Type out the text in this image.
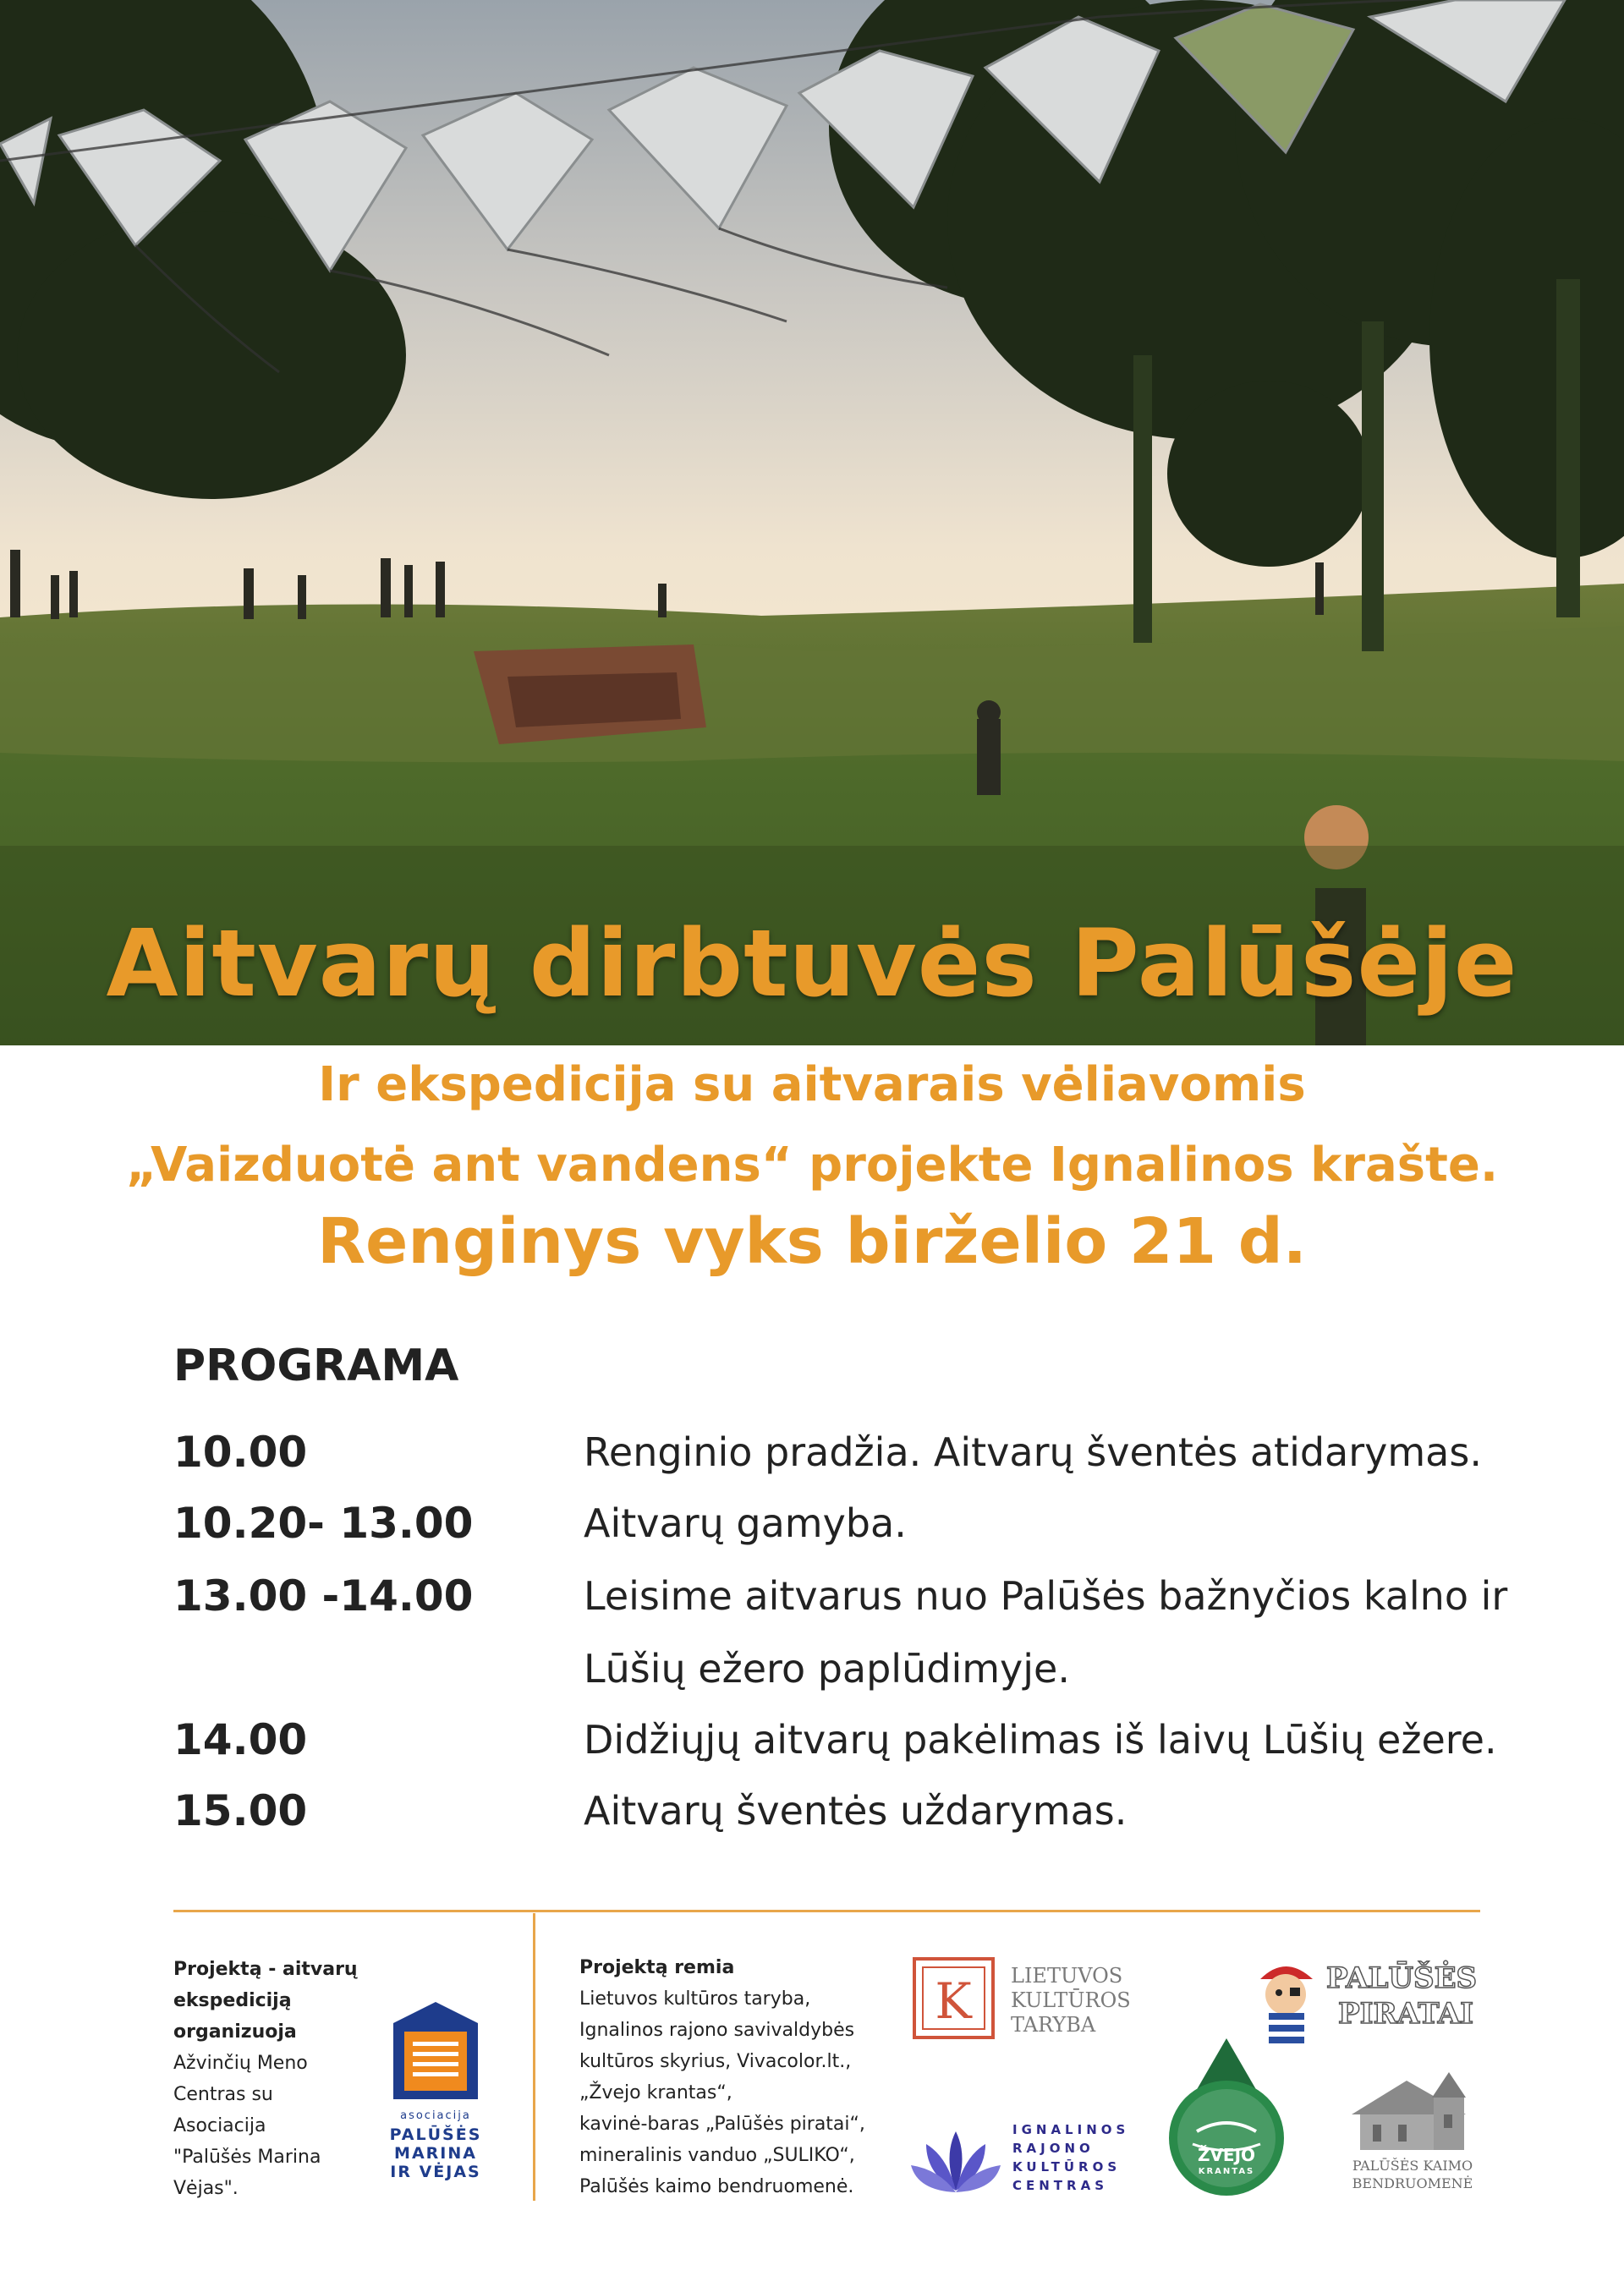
Aitvarų dirbtuvės Palūšėje
Ir ekspedicija su aitvarais vėliavomis
„Vaizduotė ant vandens“ projekte Ignalinos krašte.
Renginys vyks birželio 21 d.
PROGRAMA
10.00	Renginio pradžia. Aitvarų šventės atidarymas.
10.20- 13.00	Aitvarų gamyba.
13.00 -14.00	Leisime aitvarus nuo Palūšės bažnyčios kalno ir
Lūšių ežero paplūdimyje.
14.00	Didžiųjų aitvarų pakėlimas iš laivų Lūšių ežere.
15.00	Aitvarų šventės uždarymas.
Projektą - aitvarų
ekspediciją
organizuoja
Ažvinčių Meno
Centras su
Asociacija
"Palūšės Marina
Vėjas".
asociacija
PALŪŠĖS
MARINA
IR VĖJAS
Projektą remia
Lietuvos kultūros taryba,
Ignalinos rajono savivaldybės
kultūros skyrius, Vivacolor.lt.,
„Žvejo krantas“,
kavinė-baras „Palūšės piratai“,
mineralinis vanduo „SULIKO“,
Palūšės kaimo bendruomenė.
K LIETUVOS
KULTŪROS
TARYBA
PALŪŠĖS
PIRATAI
IGNALINOS
RAJONO
KULTŪROS
CENTRAS
ŽVEJO
KRANTAS	PALŪŠĖS KAIMO
BENDRUOMENĖ
